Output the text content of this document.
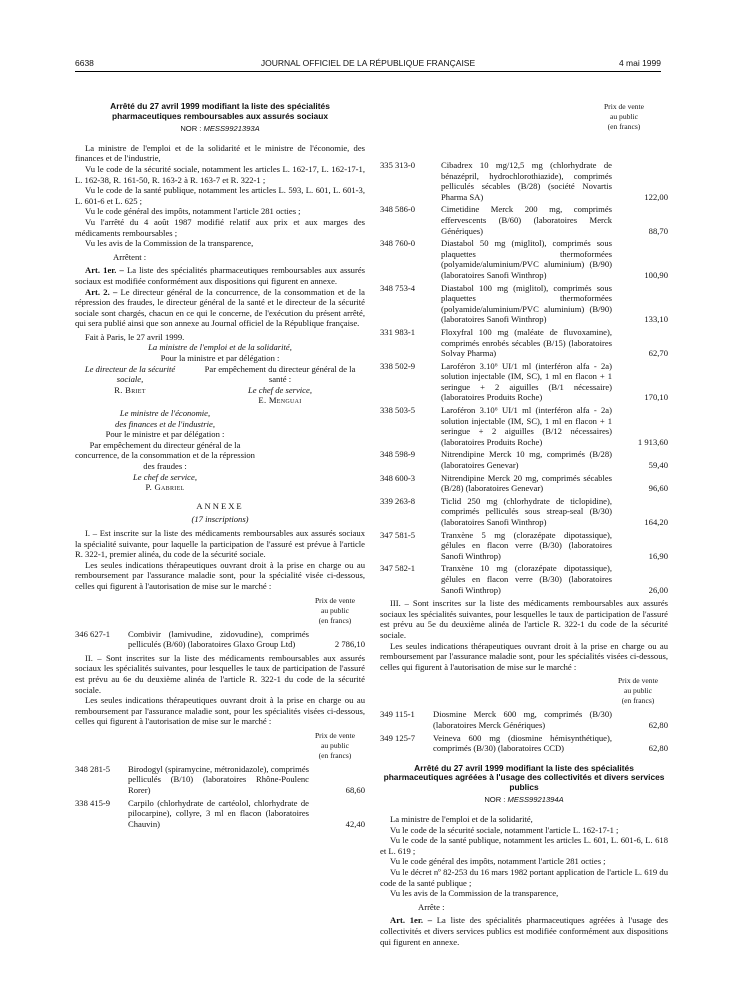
6638	JOURNAL OFFICIEL DE LA RÉPUBLIQUE FRANÇAISE	4 mai 1999
Arrêté du 27 avril 1999 modifiant la liste des spécialités pharmaceutiques remboursables aux assurés sociaux
NOR : MESS9921393A

La ministre de l'emploi et de la solidarité et le ministre de l'économie, des finances et de l'industrie,

Vu le code de la sécurité sociale, notamment les articles L. 162-17, L. 162-17-1, L. 162-38, R. 161-50, R. 163-2 à R. 163-7 et R. 322-1 ;

Vu le code de la santé publique, notamment les articles L. 593, L. 601, L. 601-3, L. 601-6 et L. 625 ;

Vu le code général des impôts, notamment l'article 281 octies ;

Vu l'arrêté du 4 août 1987 modifié relatif aux prix et aux marges des médicaments remboursables ;

Vu les avis de la Commission de la transparence,

Arrêtent :

Art. 1er. – La liste des spécialités pharmaceutiques remboursables aux assurés sociaux est modifiée conformément aux dispositions qui figurent en annexe.

Art. 2. – Le directeur général de la concurrence, de la consommation et de la répression des fraudes, le directeur général de la santé et le directeur de la sécurité sociale sont chargés, chacun en ce qui le concerne, de l'exécution du présent arrêté, qui sera publié ainsi que son annexe au Journal officiel de la République française.

Fait à Paris, le 27 avril 1999.

La ministre de l'emploi et de la solidarité,

Pour la ministre et par délégation :

Le directeur de la sécurité sociale,

R. Briet

Par empêchement du directeur général de la santé :

Le chef de service,

E. Menguai

Le ministre de l'économie,

des finances et de l'industrie,

Pour le ministre et par délégation :

Par empêchement du directeur général de la concurrence, de la consommation et de la répression des fraudes :

Le chef de service,

P. Gabriel

ANNEXE

(17 inscriptions)

I. – Est inscrite sur la liste des médicaments remboursables aux assurés sociaux la spécialité suivante, pour laquelle la participation de l'assuré est prévue à l'article R. 322-1, premier alinéa, du code de la sécurité sociale.

Les seules indications thérapeutiques ouvrant droit à la prise en charge ou au remboursement par l'assurance maladie sont, pour la spécialité visée ci-dessous, celles qui figurent à l'autorisation de mise sur le marché :

Prix de vente
au public
(en francs)
346 627-1	Combivir (lamivudine, zidovudine), comprimés pelliculés (B/60) (laboratoires Glaxo Group Ltd)	2 786,10

II. – Sont inscrites sur la liste des médicaments remboursables aux assurés sociaux les spécialités suivantes, pour lesquelles le taux de participation de l'assuré est prévu au 6e du deuxième alinéa de l'article R. 322-1 du code de la sécurité sociale.

Les seules indications thérapeutiques ouvrant droit à la prise en charge ou au remboursement par l'assurance maladie sont, pour les spécialités visées ci-dessous, celles qui figurent à l'autorisation de mise sur le marché :

Prix de vente
au public
(en francs)
348 281-5	Birodogyl (spiramycine, métronidazole), comprimés pelliculés (B/10) (laboratoires Rhône-Poulenc Rorer)	68,60
338 415-9	Carpilo (chlorhydrate de cartéolol, chlorhydrate de pilocarpine), collyre, 3 ml en flacon (laboratoires Chauvin)	42,40
Prix de vente
au public
(en francs)
335 313-0	Cibadrex 10 mg/12,5 mg (chlorhydrate de bénazépril, hydrochlorothiazide), comprimés pelliculés sécables (B/28) (société Novartis Pharma SA)	122,00
348 586-0	Cimetidine Merck 200 mg, comprimés effervescents (B/60) (laboratoires Merck Génériques)	88,70
348 760-0	Diastabol 50 mg (miglitol), comprimés sous plaquettes thermoformées (polyamide/aluminium/PVC aluminium) (B/90) (laboratoires Sanofi Winthrop)	100,90
348 753-4	Diastabol 100 mg (miglitol), comprimés sous plaquettes thermoformées (polyamide/aluminium/PVC aluminium) (B/90) (laboratoires Sanofi Winthrop)	133,10
331 983-1	Floxyfral 100 mg (maléate de fluvoxamine), comprimés enrobés sécables (B/15) (laboratoires Solvay Pharma)	62,70
338 502-9	Laroféron 3.10⁶ UI/1 ml (interféron alfa - 2a) solution injectable (IM, SC), 1 ml en flacon + 1 seringue + 2 aiguilles (B/1 nécessaire) (laboratoires Produits Roche)	170,10
338 503-5	Laroféron 3.10⁶ UI/1 ml (interféron alfa - 2a) solution injectable (IM, SC), 1 ml en flacon + 1 seringue + 2 aiguilles (B/12 nécessaires) (laboratoires Produits Roche)	1 913,60
348 598-9	Nitrendipine Merck 10 mg, comprimés (B/28) (laboratoires Genevar)	59,40
348 600-3	Nitrendipine Merck 20 mg, comprimés sécables (B/28) (laboratoires Genevar)	96,60
339 263-8	Ticlid 250 mg (chlorhydrate de ticlopidine), comprimés pelliculés sous streap-seal (B/30) (laboratoires Sanofi Winthrop)	164,20
347 581-5	Tranxène 5 mg (clorazépate dipotassique), gélules en flacon verre (B/30) (laboratoires Sanofi Winthrop)	16,90
347 582-1	Tranxène 10 mg (clorazépate dipotassique), gélules en flacon verre (B/30) (laboratoires Sanofi Winthrop)	26,00

III. – Sont inscrites sur la liste des médicaments remboursables aux assurés sociaux les spécialités suivantes, pour lesquelles le taux de participation de l'assuré est prévu au 5e du deuxième alinéa de l'article R. 322-1 du code de la sécurité sociale.

Les seules indications thérapeutiques ouvrant droit à la prise en charge ou au remboursement par l'assurance maladie sont, pour les spécialités visées ci-dessous, celles qui figurent à l'autorisation de mise sur le marché :

Prix de vente
au public
(en francs)
349 115-1	Diosmine Merck 600 mg, comprimés (B/30) (laboratoires Merck Génériques)	62,80
349 125-7	Veineva 600 mg (diosmine hémisynthétique), comprimés (B/30) (laboratoires CCD)	62,80
Arrêté du 27 avril 1999 modifiant la liste des spécialités pharmaceutiques agréées à l'usage des collectivités et divers services publics
NOR : MESS9921394A

La ministre de l'emploi et de la solidarité,

Vu le code de la sécurité sociale, notamment l'article L. 162-17-1 ;

Vu le code de la santé publique, notamment les articles L. 601, L. 601-6, L. 618 et L. 619 ;

Vu le code général des impôts, notamment l'article 281 octies ;

Vu le décret nº 82-253 du 16 mars 1982 portant application de l'article L. 619 du code de la santé publique ;

Vu les avis de la Commission de la transparence,

Arrête :

Art. 1er. – La liste des spécialités pharmaceutiques agréées à l'usage des collectivités et divers services publics est modifiée conformément aux dispositions qui figurent en annexe.
